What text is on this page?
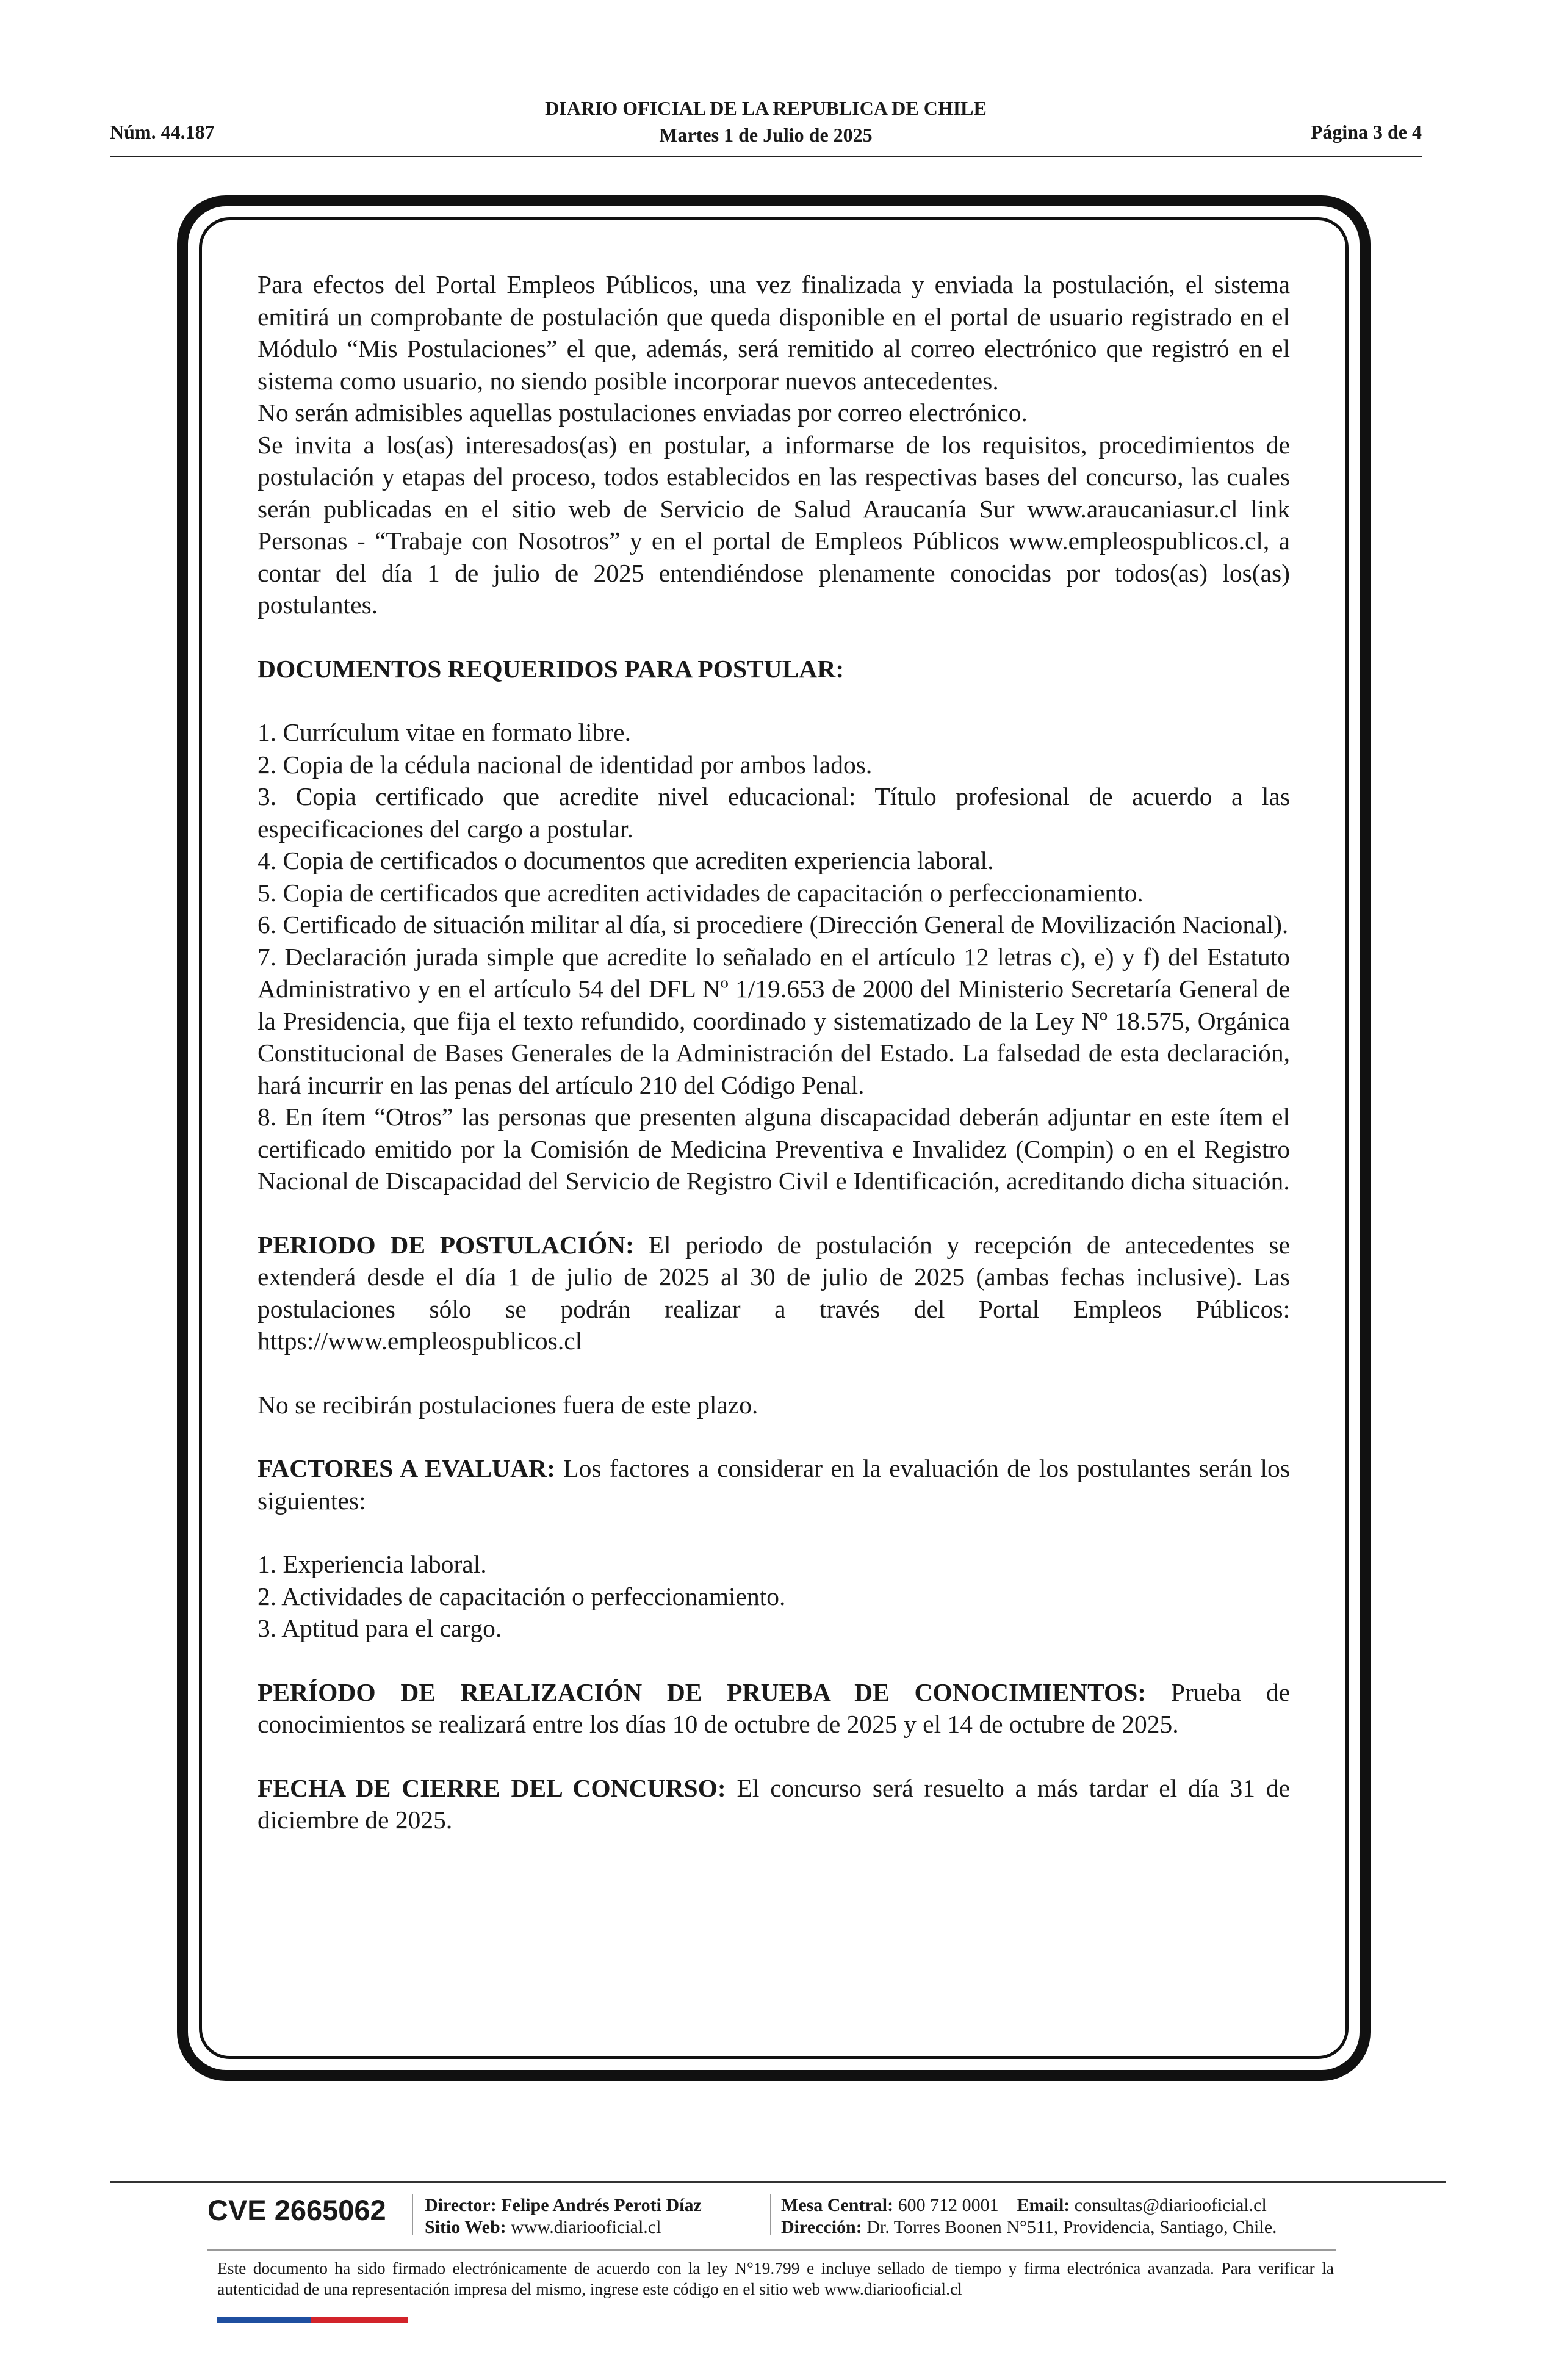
Núm. 44.187
DIARIO OFICIAL DE LA REPUBLICA DE CHILE
Martes 1 de Julio de 2025	Página 3 de 4

Para efectos del Portal Empleos Públicos, una vez finalizada y enviada la postulación, el sistema emitirá un comprobante de postulación que queda disponible en el portal de usuario registrado en el Módulo “Mis Postulaciones” el que, además, será remitido al correo electrónico que registró en el sistema como usuario, no siendo posible incorporar nuevos antecedentes.

No serán admisibles aquellas postulaciones enviadas por correo electrónico.

Se invita a los(as) interesados(as) en postular, a informarse de los requisitos, procedimientos de postulación y etapas del proceso, todos establecidos en las respectivas bases del concurso, las cuales serán publicadas en el sitio web de Servicio de Salud Araucanía Sur www.araucaniasur.cl link Personas - “Trabaje con Nosotros” y en el portal de Empleos Públicos www.empleospublicos.cl, a contar del día 1 de julio de 2025 entendiéndose plenamente conocidas por todos(as) los(as) postulantes.

DOCUMENTOS REQUERIDOS PARA POSTULAR:

1. Currículum vitae en formato libre.

2. Copia de la cédula nacional de identidad por ambos lados.

3. Copia certificado que acredite nivel educacional: Título profesional de acuerdo a las especificaciones del cargo a postular.

4. Copia de certificados o documentos que acrediten experiencia laboral.

5. Copia de certificados que acrediten actividades de capacitación o perfeccionamiento.

6. Certificado de situación militar al día, si procediere (Dirección General de Movilización Nacional).

7. Declaración jurada simple que acredite lo señalado en el artículo 12 letras c), e) y f) del Estatuto Administrativo y en el artículo 54 del DFL Nº 1/19.653 de 2000 del Ministerio Secretaría General de la Presidencia, que fija el texto refundido, coordinado y sistematizado de la Ley Nº 18.575, Orgánica Constitucional de Bases Generales de la Administración del Estado. La falsedad de esta declaración, hará incurrir en las penas del artículo 210 del Código Penal.

8. En ítem “Otros” las personas que presenten alguna discapacidad deberán adjuntar en este ítem el certificado emitido por la Comisión de Medicina Preventiva e Invalidez (Compin) o en el Registro Nacional de Discapacidad del Servicio de Registro Civil e Identificación, acreditando dicha situación.

PERIODO DE POSTULACIÓN: El periodo de postulación y recepción de antecedentes se extenderá desde el día 1 de julio de 2025 al 30 de julio de 2025 (ambas fechas inclusive). Las postulaciones sólo se podrán realizar a través del Portal Empleos Públicos: https://www.empleospublicos.cl

No se recibirán postulaciones fuera de este plazo.

FACTORES A EVALUAR: Los factores a considerar en la evaluación de los postulantes serán los siguientes:

1. Experiencia laboral.

2. Actividades de capacitación o perfeccionamiento.

3. Aptitud para el cargo.

PERÍODO DE REALIZACIÓN DE PRUEBA DE CONOCIMIENTOS: Prueba de conocimientos se realizará entre los días 10 de octubre de 2025 y el 14 de octubre de 2025.

FECHA DE CIERRE DEL CONCURSO: El concurso será resuelto a más tardar el día 31 de diciembre de 2025.

CVE 2665062 Director: Felipe Andrés Peroti Díaz
Sitio Web: www.diariooficial.cl
Mesa Central: 600 712 0001 Email: consultas@diariooficial.cl
Dirección: Dr. Torres Boonen N°511, Providencia, Santiago, Chile.
Este documento ha sido firmado electrónicamente de acuerdo con la ley N°19.799 e incluye sellado de tiempo y firma electrónica avanzada. Para verificar la autenticidad de una representación impresa del mismo, ingrese este código en el sitio web www.diariooficial.cl
